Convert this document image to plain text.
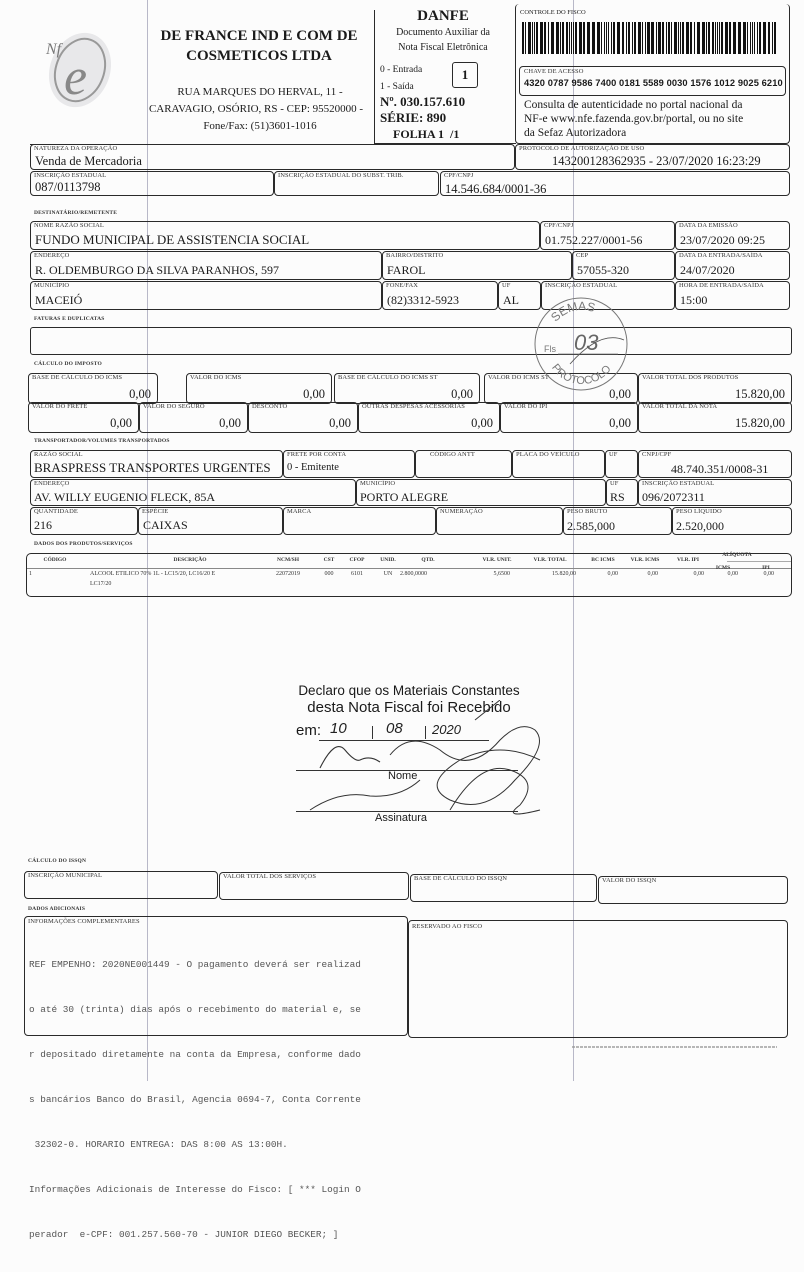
Nf e
DE FRANCE IND E COM DE
COSMETICOS LTDA
RUA MARQUES DO HERVAL, 11 -
CARAVAGIO, OSÓRIO, RS - CEP: 95520000 -
Fone/Fax: (51)3601-1016
DANFE
Documento Auxiliar da
Nota Fiscal Eletrônica
0 - Entrada
1 - Saída
1
Nº. 030.157.610
SÉRIE: 890
FOLHA 1  /1
CONTROLE DO FISCO
CHAVE DE ACESSO
4320 0787 9586 7400 0181 5589 0030 1576 1012 9025 6210
Consulta de autenticidade no portal nacional da
NF-e www.nfe.fazenda.gov.br/portal, ou no site
da Sefaz Autorizadora
NATUREZA DA OPERAÇÃO
Venda de Mercadoria
PROTOCOLO DE AUTORIZAÇÃO DE USO
143200128362935 - 23/07/2020 16:23:29
INSCRIÇÃO ESTADUAL
087/0113798
INSCRIÇÃO ESTADUAL DO SUBST. TRIB.	CPF/CNPJ
14.546.684/0001-36
DESTINATÁRIO/REMETENTE
NOME RAZÃO SOCIAL
FUNDO MUNICIPAL DE ASSISTENCIA SOCIAL
CPF/CNPJ
01.752.227/0001-56
DATA DA EMISSÃO
23/07/2020 09:25
ENDEREÇO
R. OLDEMBURGO DA SILVA PARANHOS, 597
BAIRRO/DISTRITO
FAROL
CEP
57055-320
DATA DA ENTRADA/SAÍDA
24/07/2020
MUNICÍPIO
MACEIÓ
FONE/FAX
(82)3312-5923
UF
AL
INSCRIÇÃO ESTADUAL	HORA DE ENTRADA/SAÍDA
15:00
FATURAS E DUPLICATAS
CÁLCULO DO IMPOSTO
BASE DE CÁLCULO DO ICMS
0,00
VALOR DO ICMS
0,00
BASE DE CÁLCULO DO ICMS ST
0,00
VALOR DO ICMS ST
0,00
VALOR TOTAL DOS PRODUTOS
15.820,00
VALOR DO FRETE
0,00
VALOR DO SEGURO
0,00
DESCONTO
0,00
OUTRAS DESPESAS ACESSÓRIAS
0,00
VALOR DO IPI
0,00
VALOR TOTAL DA NOTA
15.820,00
SEMAS
PROTOCOLO
Fls 03
TRANSPORTADOR/VOLUMES TRANSPORTADOS
RAZÃO SOCIAL
BRASPRESS TRANSPORTES URGENTES
FRETE POR CONTA
0 - Emitente
CÓDIGO ANTT	PLACA DO VEÍCULO	UF	CNPJ/CPF
48.740.351/0008-31
ENDEREÇO
AV. WILLY EUGENIO FLECK, 85A
MUNICÍPIO
PORTO ALEGRE
UF
RS
INSCRIÇÃO ESTADUAL
096/2072311
QUANTIDADE
216
ESPÉCIE
CAIXAS
MARCA	NUMERAÇÃO	PESO BRUTO
2.585,000
PESO LÍQUIDO
2.520,000
DADOS DOS PRODUTOS/SERVIÇOS
CÓDIGO	DESCRIÇÃO	NCM/SH	CST	CFOP	UNID.	QTD.	VLR. UNIT.	VLR. TOTAL	BC ICMS	VLR. ICMS	VLR. IPI
ALÍQUOTA
ICMS	IPI
1	ALCOOL ETILICO 70% 1L - LC15/20, LC16/20 E	22072019	000	6101	UN	2.800,0000	5,6500	15.820,00	0,00	0,00	0,00	0,00	0,00
LC17/20
Declaro que os Materiais Constantes
desta Nota Fiscal foi Recebido
em: 10	08 2020
Nome
Assinatura
CÁLCULO DO ISSQN
INSCRIÇÃO MUNICIPAL	VALOR TOTAL DOS SERVIÇOS	BASE DE CÁLCULO DO ISSQN	VALOR DO ISSQN
DADOS ADICIONAIS
INFORMAÇÕES COMPLEMENTARES

REF EMPENHO: 2020NE001449 - O pagamento deverá ser realizad

o até 30 (trinta) dias após o recebimento do material e, se

r depositado diretamente na conta da Empresa, conforme dado

s bancários Banco do Brasil, Agencia 0694-7, Conta Corrente

32302-0. HORARIO ENTREGA: DAS 8:00 AS 13:00H.

Informações Adicionais de Interesse do Fisco: [ *** Login O

perador  e-CPF: 001.257.560-70 - JUNIOR DIEGO BECKER; ]

RESERVADO AO FISCO
